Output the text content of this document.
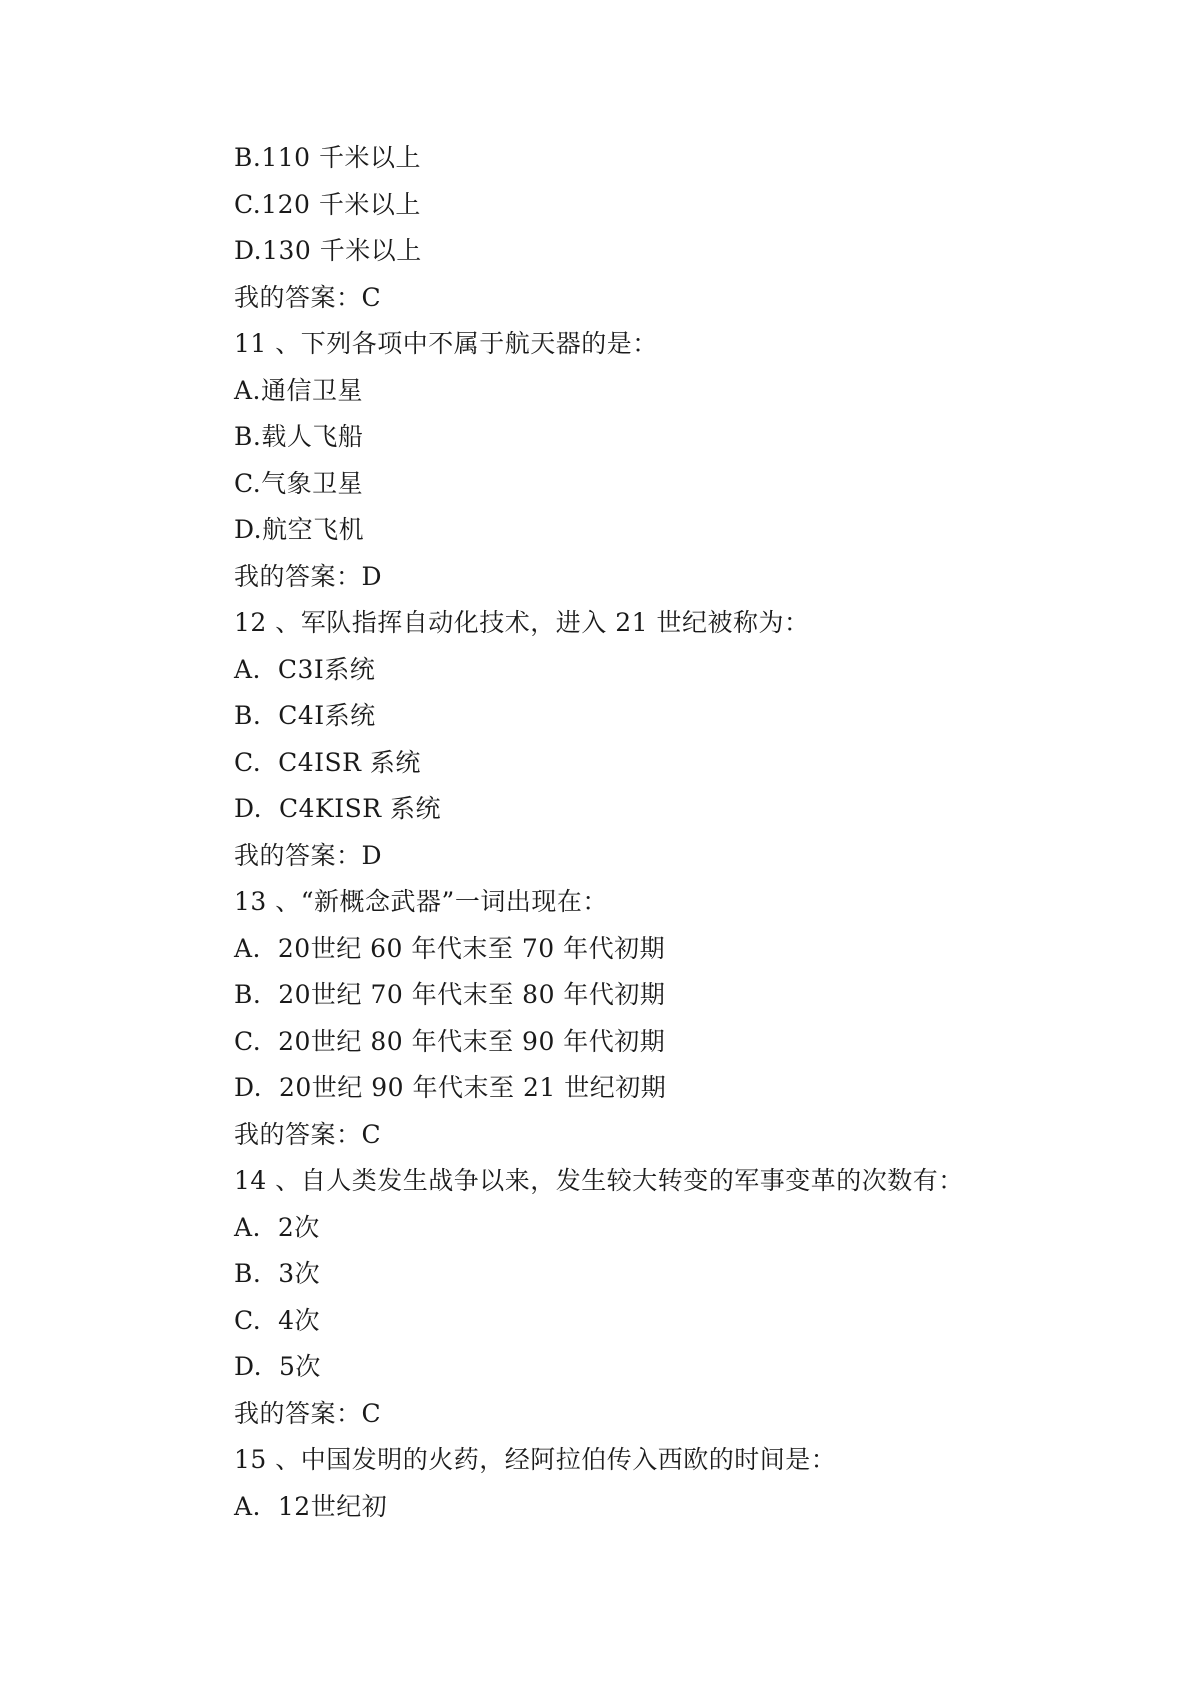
B.110 千米以上
C.120 千米以上
D.130 千米以上
我的答案：C
11 、下列各项中不属于航天器的是：
A.通信卫星
B.载人飞船
C.气象卫星
D.航空飞机
我的答案：D
12 、军队指挥自动化技术，进入 21 世纪被称为：
A.  C3I系统
B.  C4I系统
C.  C4ISR 系统
D.  C4KISR 系统
我的答案：D
13 、“新概念武器”一词出现在：
A.  20世纪 60 年代末至 70 年代初期
B.  20世纪 70 年代末至 80 年代初期
C.  20世纪 80 年代末至 90 年代初期
D.  20世纪 90 年代末至 21 世纪初期
我的答案：C
14 、自人类发生战争以来，发生较大转变的军事变革的次数有：
A.  2次
B.  3次
C.  4次
D.  5次
我的答案：C
15 、中国发明的火药，经阿拉伯传入西欧的时间是：
A.  12世纪初
